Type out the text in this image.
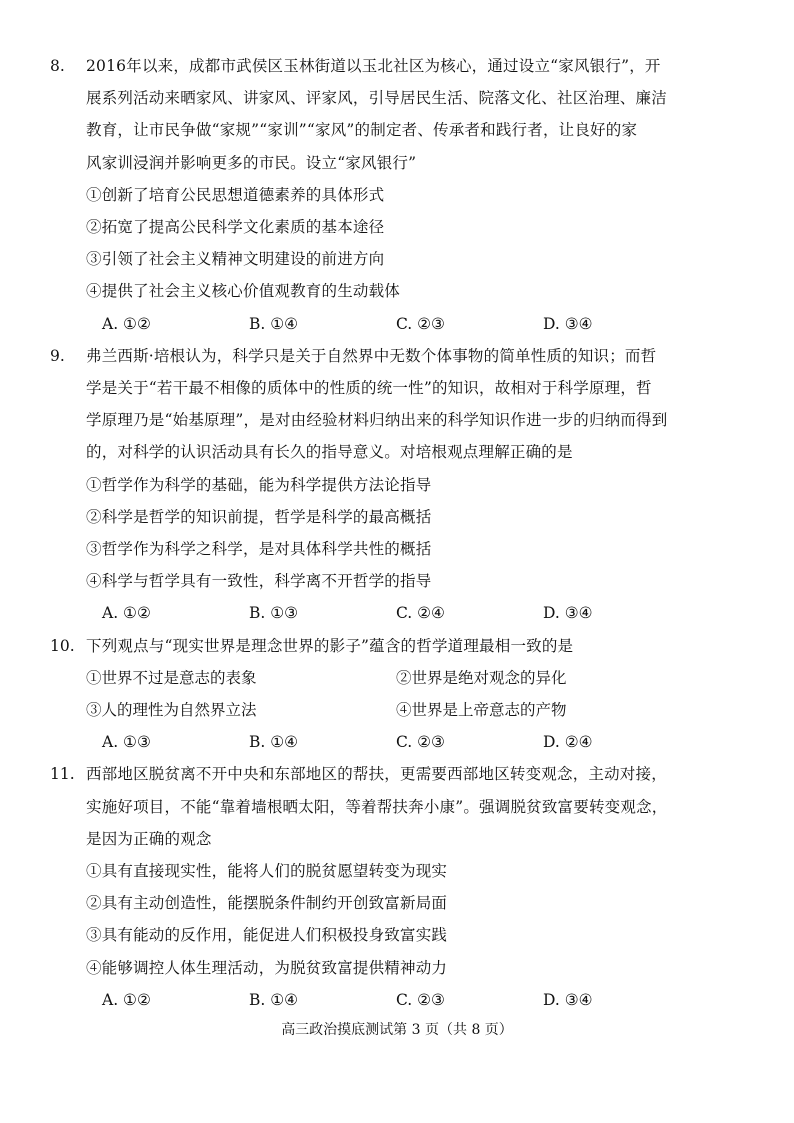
8.	2016年以来，成都市武侯区玉林街道以玉北社区为核心，通过设立“家风银行”，开
展系列活动来晒家风、讲家风、评家风，引导居民生活、院落文化、社区治理、廉洁
教育，让市民争做“家规”“家训”“家风”的制定者、传承者和践行者，让良好的家
风家训浸润并影响更多的市民。设立“家风银行”
①创新了培育公民思想道德素养的具体形式
②拓宽了提高公民科学文化素质的基本途径
③引领了社会主义精神文明建设的前进方向
④提供了社会主义核心价值观教育的生动载体
A. ①②	B. ①④	C. ②③	D. ③④
9.	弗兰西斯·培根认为，科学只是关于自然界中无数个体事物的简单性质的知识；而哲
学是关于“若干最不相像的质体中的性质的统一性”的知识，故相对于科学原理，哲
学原理乃是“始基原理”，是对由经验材料归纳出来的科学知识作进一步的归纳而得到
的，对科学的认识活动具有长久的指导意义。对培根观点理解正确的是
①哲学作为科学的基础，能为科学提供方法论指导
②科学是哲学的知识前提，哲学是科学的最高概括
③哲学作为科学之科学，是对具体科学共性的概括
④科学与哲学具有一致性，科学离不开哲学的指导
A. ①②	B. ①③	C. ②④	D. ③④
10. 下列观点与“现实世界是理念世界的影子”蕴含的哲学道理最相一致的是
①世界不过是意志的表象	②世界是绝对观念的异化
③人的理性为自然界立法	④世界是上帝意志的产物
A. ①③	B. ①④	C. ②③	D. ②④
11. 西部地区脱贫离不开中央和东部地区的帮扶，更需要西部地区转变观念，主动对接，
实施好项目，不能“靠着墙根晒太阳，等着帮扶奔小康”。强调脱贫致富要转变观念，
是因为正确的观念
①具有直接现实性，能将人们的脱贫愿望转变为现实
②具有主动创造性，能摆脱条件制约开创致富新局面
③具有能动的反作用，能促进人们积极投身致富实践
④能够调控人体生理活动，为脱贫致富提供精神动力
A. ①②	B. ①④	C. ②③	D. ③④
高三政治摸底测试第 3 页（共 8 页）
